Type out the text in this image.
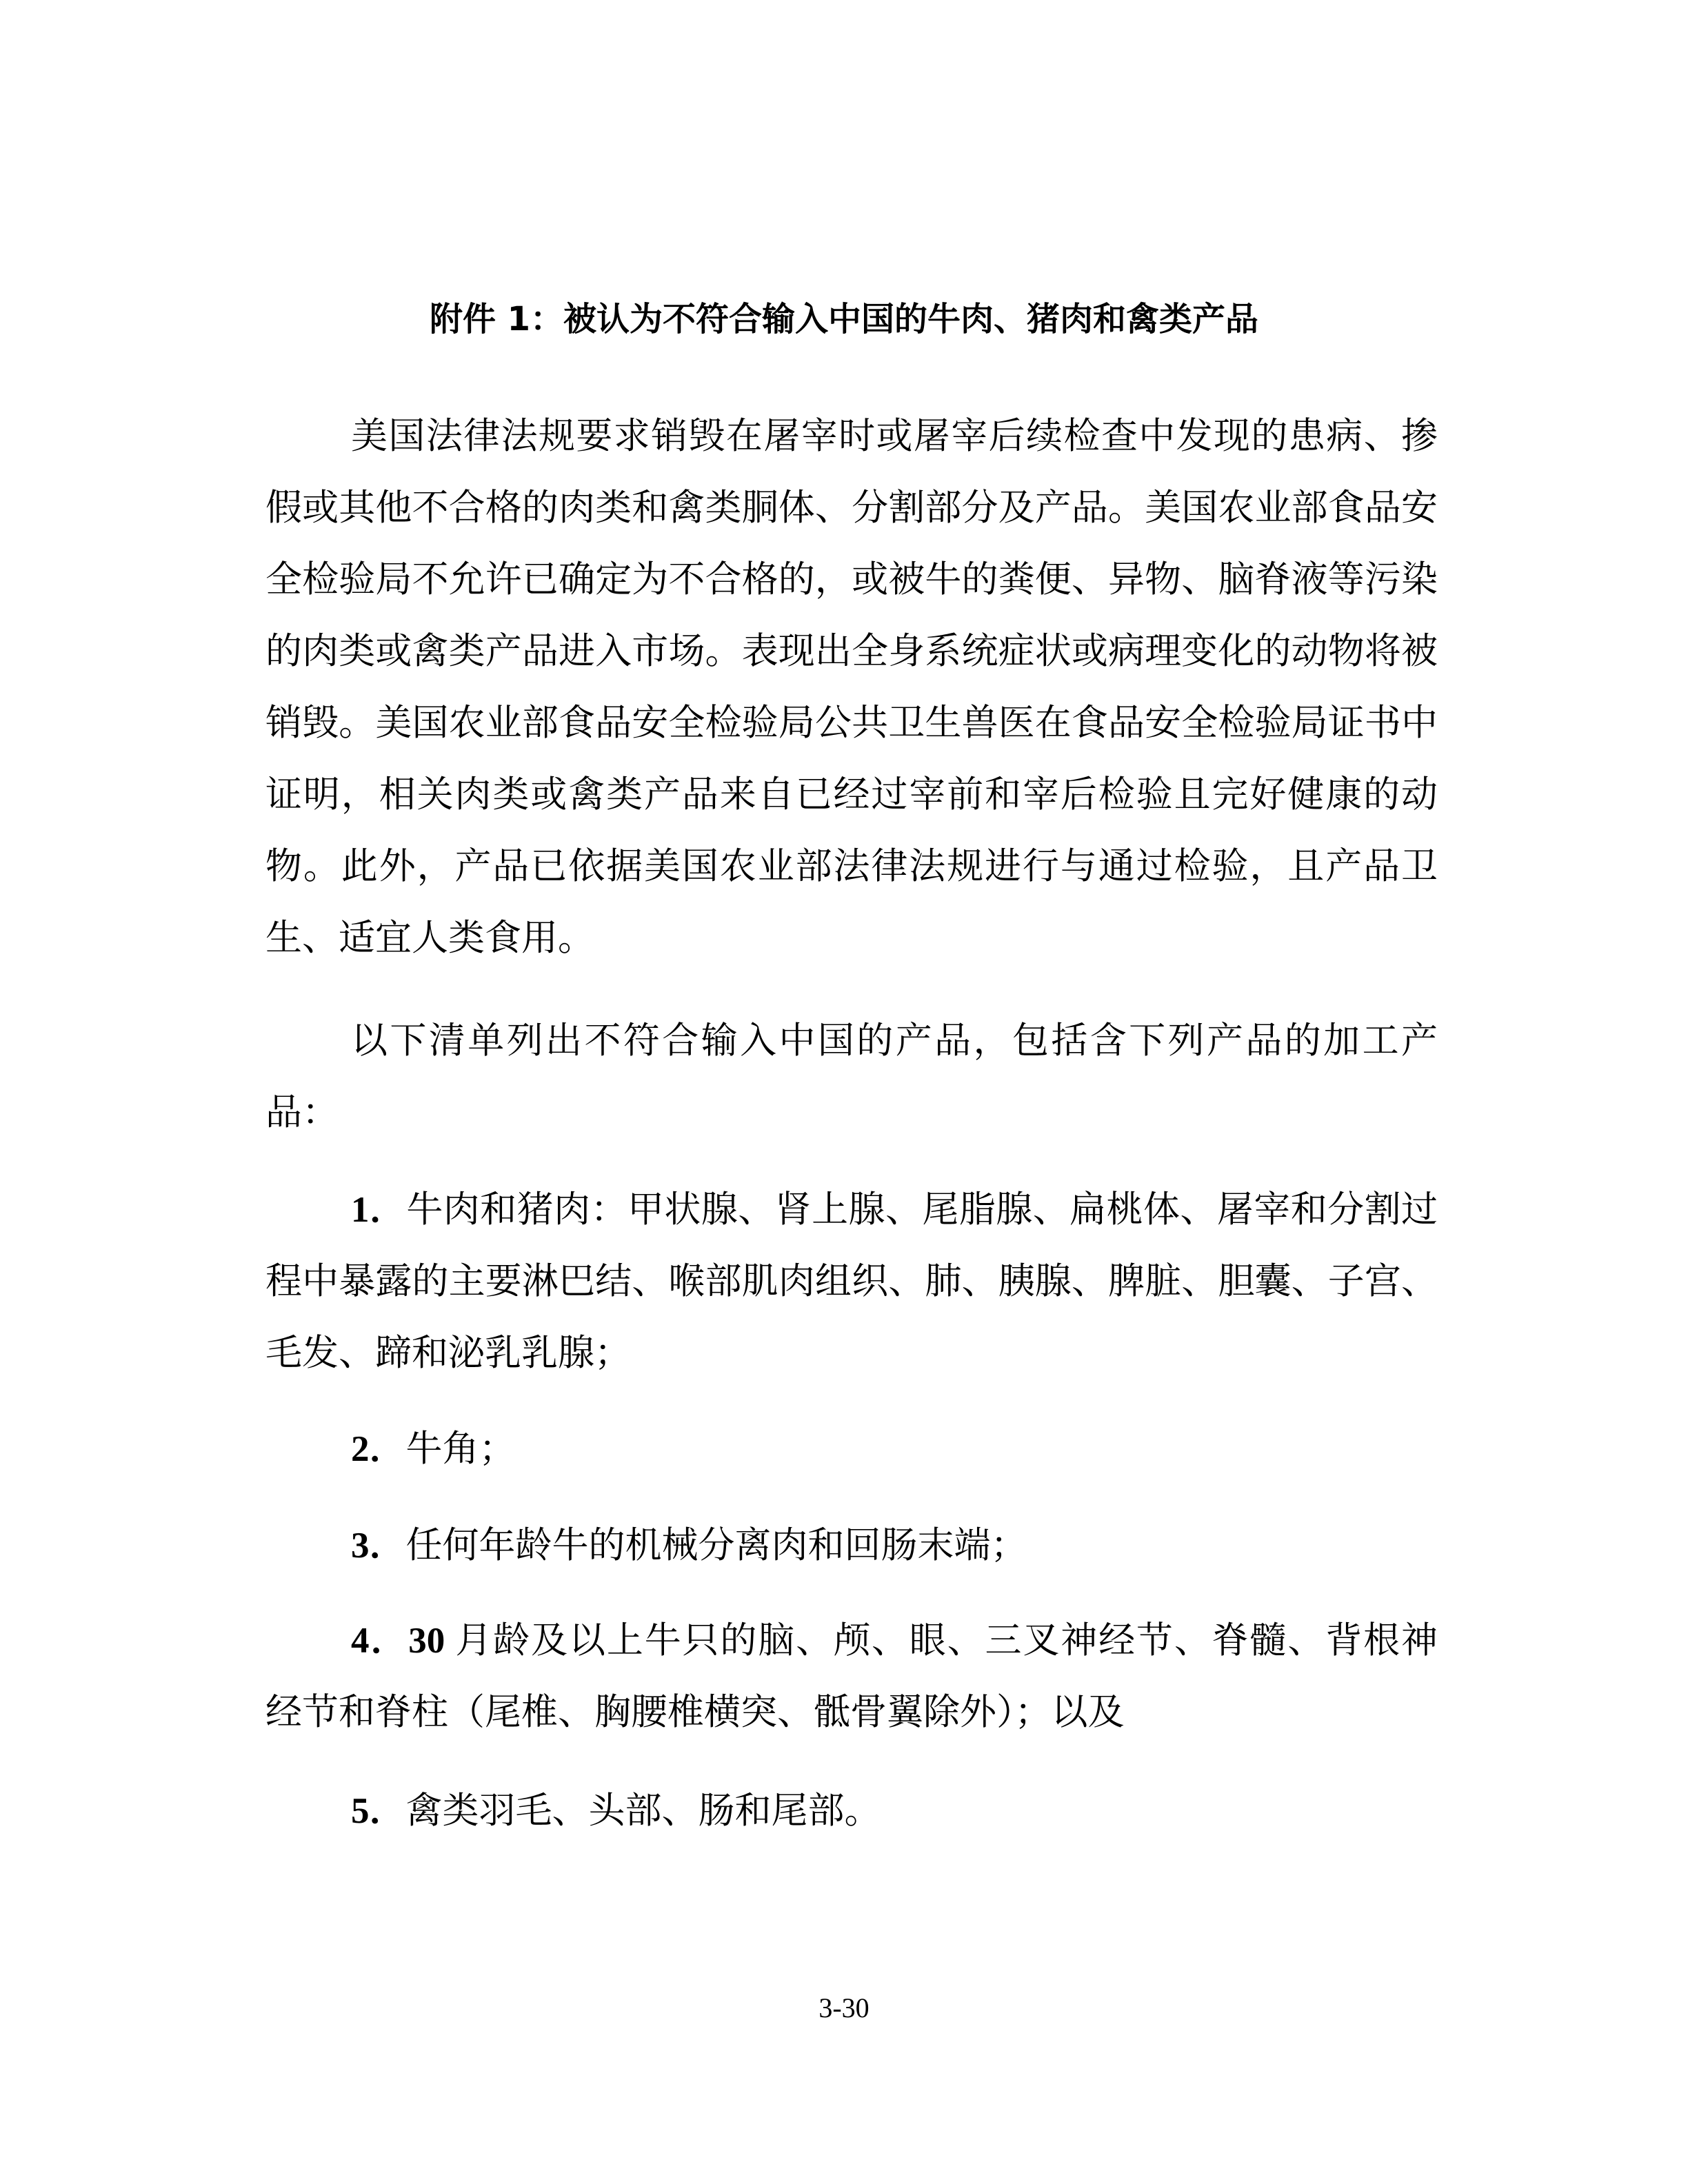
附件 1：被认为不符合输入中国的牛肉、猪肉和禽类产品

美国法律法规要求销毁在屠宰时或屠宰后续检查中发现的患病、掺假或其他不合格的肉类和禽类胴体、分割部分及产品。美国农业部食品安全检验局不允许已确定为不合格的，或被牛的粪便、异物、脑脊液等污染的肉类或禽类产品进入市场。表现出全身系统症状或病理变化的动物将被销毁。美国农业部食品安全检验局公共卫生兽医在食品安全检验局证书中证明，相关肉类或禽类产品来自已经过宰前和宰后检验且完好健康的动物。此外，产品已依据美国农业部法律法规进行与通过检验，且产品卫生、适宜人类食用。

以下清单列出不符合输入中国的产品，包括含下列产品的加工产品：

1．牛肉和猪肉：甲状腺、肾上腺、尾脂腺、扁桃体、屠宰和分割过程中暴露的主要淋巴结、喉部肌肉组织、肺、胰腺、脾脏、胆囊、子宫、毛发、蹄和泌乳乳腺；

2．牛角；

3．任何年龄牛的机械分离肉和回肠末端；

4．30 月龄及以上牛只的脑、颅、眼、三叉神经节、脊髓、背根神经节和脊柱（尾椎、胸腰椎横突、骶骨翼除外）；以及

5．禽类羽毛、头部、肠和尾部。

3-30
